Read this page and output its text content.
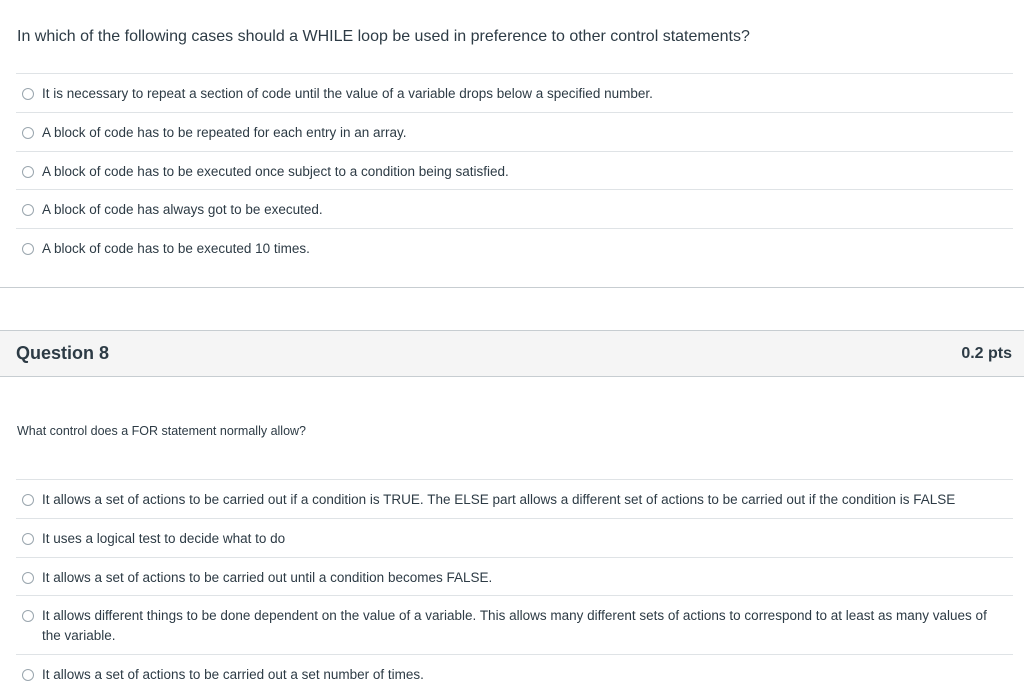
In which of the following cases should a WHILE loop be used in preference to other control statements?
It is necessary to repeat a section of code until the value of a variable drops below a specified number.
A block of code has to be repeated for each entry in an array.
A block of code has to be executed once subject to a condition being satisfied.
A block of code has always got to be executed.
A block of code has to be executed 10 times.
Question 8	0.2 pts
What control does a FOR statement normally allow?
It allows a set of actions to be carried out if a condition is TRUE. The ELSE part allows a different set of actions to be carried out if the condition is FALSE
It uses a logical test to decide what to do
It allows a set of actions to be carried out until a condition becomes FALSE.
It allows different things to be done dependent on the value of a variable. This allows many different sets of actions to correspond to at least as many values of the variable.
It allows a set of actions to be carried out a set number of times.
